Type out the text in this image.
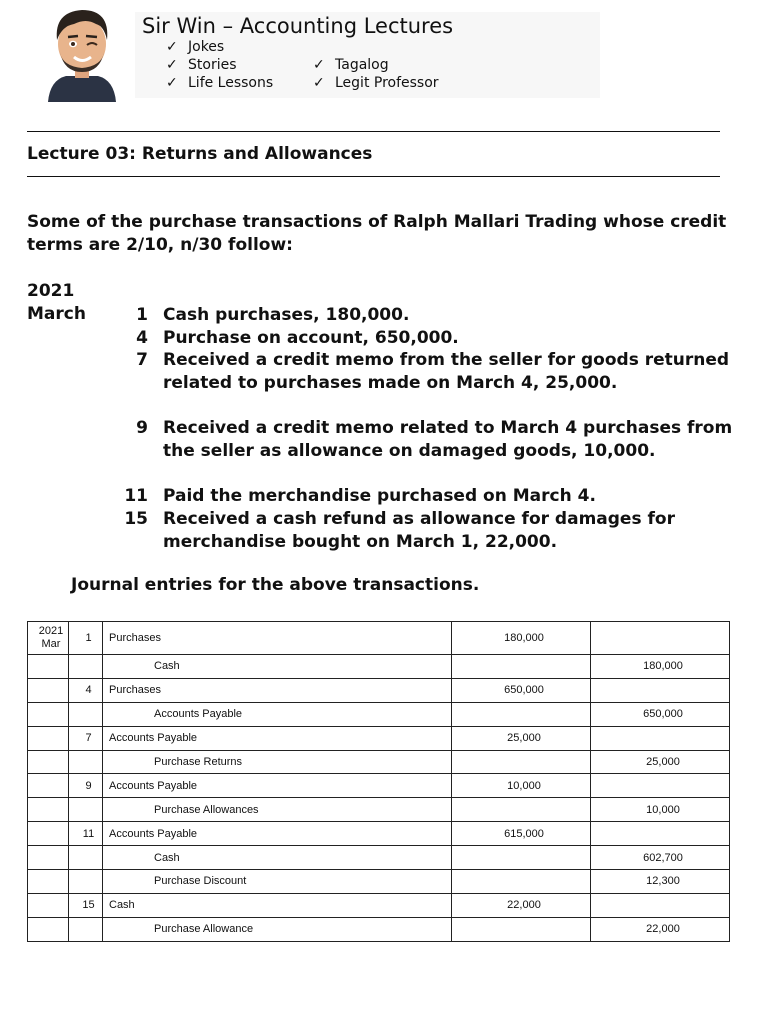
Sir Win – Accounting Lectures
✓ Jokes
✓ Stories
✓ Life Lessons
✓ Tagalog
✓ Legit Professor
Lecture 03: Returns and Allowances
Some of the purchase transactions of Ralph Mallari Trading whose credit terms are 2/10, n/30 follow:
2021
March	1 Cash purchases, 180,000.
4 Purchase on account, 650,000.
7 Received a credit memo from the seller for goods returned related to purchases made on March 4, 25,000.
9 Received a credit memo related to March 4 purchases from the seller as allowance on damaged goods, 10,000.
11 Paid the merchandise purchased on March 4.
15 Received a cash refund as allowance for damages for merchandise bought on March 1, 22,000.
Journal entries for the above transactions.
2021
Mar	1	Purchases	180,000	
		Cash		180,000
	4	Purchases	650,000	
		Accounts Payable		650,000
	7	Accounts Payable	25,000	
		Purchase Returns		25,000
	9	Accounts Payable	10,000	
		Purchase Allowances		10,000
	11	Accounts Payable	615,000	
		Cash		602,700
		Purchase Discount		12,300
	15	Cash	22,000	
		Purchase Allowance		22,000
